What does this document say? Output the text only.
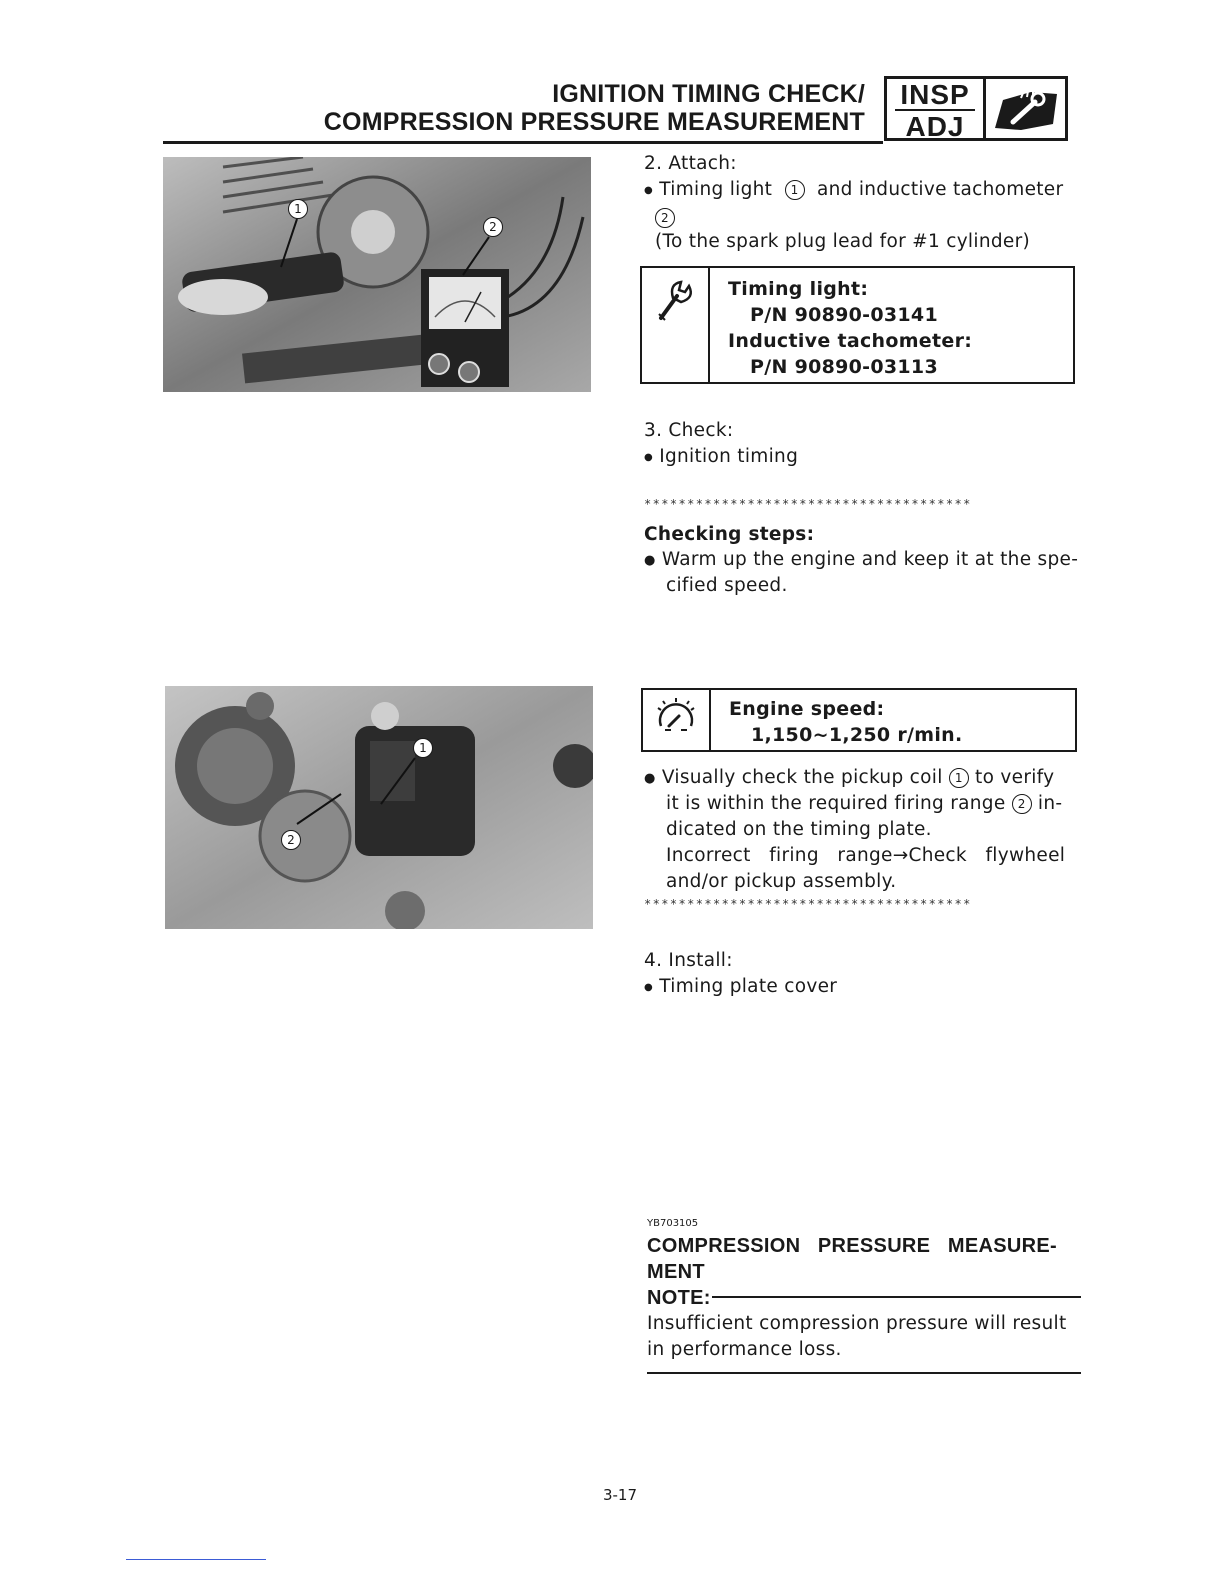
IGNITION TIMING CHECK/
COMPRESSION PRESSURE MEASUREMENT
INSP
ADJ
1
2
1
2
2. Attach:
● Timing light 1 and inductive tachometer
2
(To the spark plug lead for #1 cylinder)
Timing light:
P/N 90890-03141
Inductive tachometer:
P/N 90890-03113
3. Check:
● Ignition timing
**************************************
Checking steps:
● Warm up the engine and keep it at the spe-
cified speed.
Engine speed:
1,150~1,250 r/min.
● Visually check the pickup coil 1 to verify
it is within the required firing range 2 in-
dicated on the timing plate.
Incorrect   firing   range→Check   flywheel
and/or pickup assembly.
**************************************
4. Install:
● Timing plate cover
YB703105
COMPRESSION   PRESSURE   MEASURE-
MENT
NOTE:
Insufficient compression pressure will result
in performance loss.
3-17
